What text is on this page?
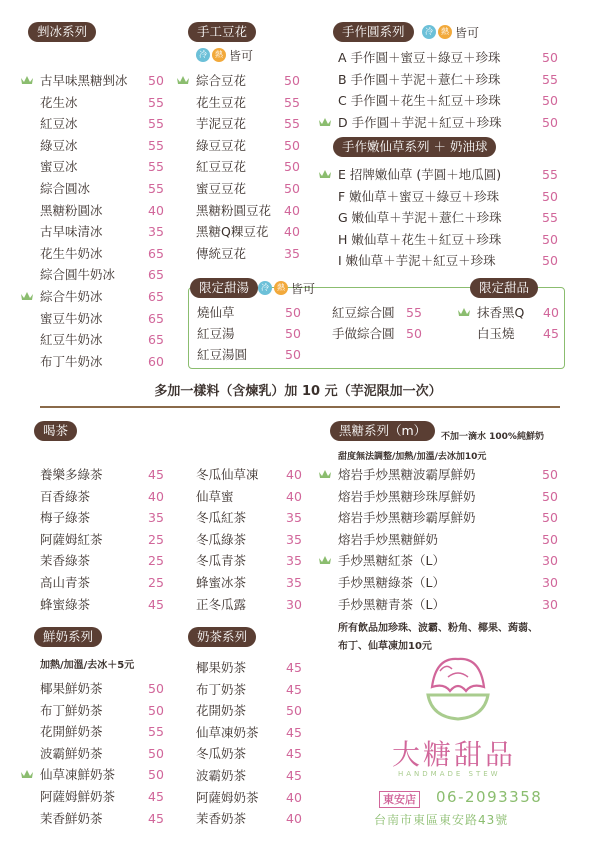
剉冰系列
古早味黑糖剉冰 50
花生冰	55
紅豆冰	55
綠豆冰	55
蜜豆冰	55
綜合圓冰	55
黑糖粉圓冰	40
古早味清冰	35
花生牛奶冰	65
綜合圓牛奶冰	65
綜合牛奶冰	65
蜜豆牛奶冰	65
紅豆牛奶冰	65
布丁牛奶冰	60
手工豆花
冷	熱 皆可
綜合豆花	50
花生豆花	55
芋泥豆花	55
綠豆豆花	50
紅豆豆花	50
蜜豆豆花	50
黑糖粉圓豆花 40
黑糖Q粿豆花 40
傳統豆花	35
手作圓系列	冷	熱 皆可
A 手作圓＋蜜豆＋綠豆＋珍珠	50
B 手作圓＋芋泥＋薏仁＋珍珠	55
C 手作圓＋花生＋紅豆＋珍珠	50
D 手作圓＋芋泥＋紅豆＋珍珠	50
手作嫩仙草系列 ＋ 奶油球
E 招牌嫩仙草 (芋圓＋地瓜圓)	55
F 嫩仙草＋蜜豆＋綠豆＋珍珠	50
G 嫩仙草＋芋泥＋薏仁＋珍珠	55
H 嫩仙草＋花生＋紅豆＋珍珠	50
I 嫩仙草＋芋泥＋紅豆＋珍珠	50
限定甜湯	冷	熱 皆可
燒仙草	50
紅豆湯	50
紅豆湯圓	50
紅豆綜合圓 55
手做綜合圓 50
限定甜品
抹香黑Q 40
白玉燒 45
多加一樣料（含煉乳）加 10 元（芋泥限加一次）
喝茶
養樂多綠茶	45
百香綠茶	40
梅子綠茶	35
阿薩姆紅茶	25
茉香綠茶	25
高山青茶	25
蜂蜜綠茶	45
冬瓜仙草凍 40
仙草蜜	40
冬瓜紅茶	35
冬瓜綠茶	35
冬瓜青茶	35
蜂蜜冰茶	35
正冬瓜露	30
黑糖系列（m）	不加一滴水 100%純鮮奶
甜度無法調整/加熱/加溫/去冰加10元
熔岩手炒黑糖波霸厚鮮奶	50
熔岩手炒黑糖珍珠厚鮮奶	50
熔岩手炒黑糖珍霸厚鮮奶	50
熔岩手炒黑糖鮮奶	50
手炒黑糖紅茶（L）	30
手炒黑糖綠茶（L）	30
手炒黑糖青茶（L）	30
所有飲品加珍珠、波霸、粉角、椰果、蒟蒻、
布丁、仙草凍加10元
鮮奶系列
加熱/加溫/去冰＋5元
椰果鮮奶茶	50
布丁鮮奶茶	50
花開鮮奶茶	55
波霸鮮奶茶	50
仙草凍鮮奶茶	50
阿薩姆鮮奶茶	45
茉香鮮奶茶	45
奶茶系列
椰果奶茶	45
布丁奶茶	45
花開奶茶	50
仙草凍奶茶 45
冬瓜奶茶	45
波霸奶茶	45
阿薩姆奶茶 40
茉香奶茶	40
大糖甜品
HANDMADE STEW
東安店 06-2093358
台南市東區東安路43號
